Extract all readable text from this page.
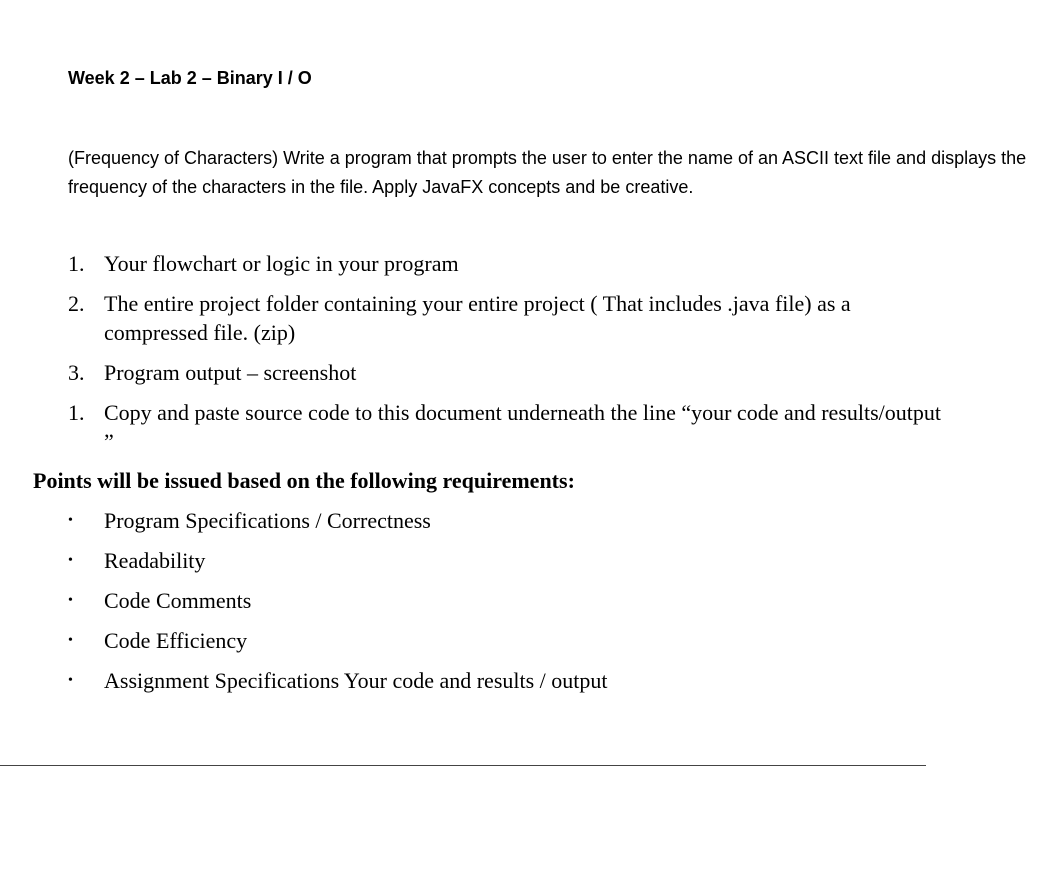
Week 2 – Lab 2 – Binary I / O
(Frequency of Characters) Write a program that prompts the user to enter the name of an ASCII text file and displays the frequency of the characters in the file. Apply JavaFX concepts and be creative.
1. Your flowchart or logic in your program
2. The entire project folder containing your entire project ( That includes .java file) as a compressed file. (zip)
3. Program output – screenshot
1. Copy and paste source code to this document underneath the line “your code and results/output ”
Points will be issued based on the following requirements:
•	Program Specifications / Correctness
•	Readability
•	Code Comments
•	Code Efficiency
•	Assignment Specifications Your code and results / output
